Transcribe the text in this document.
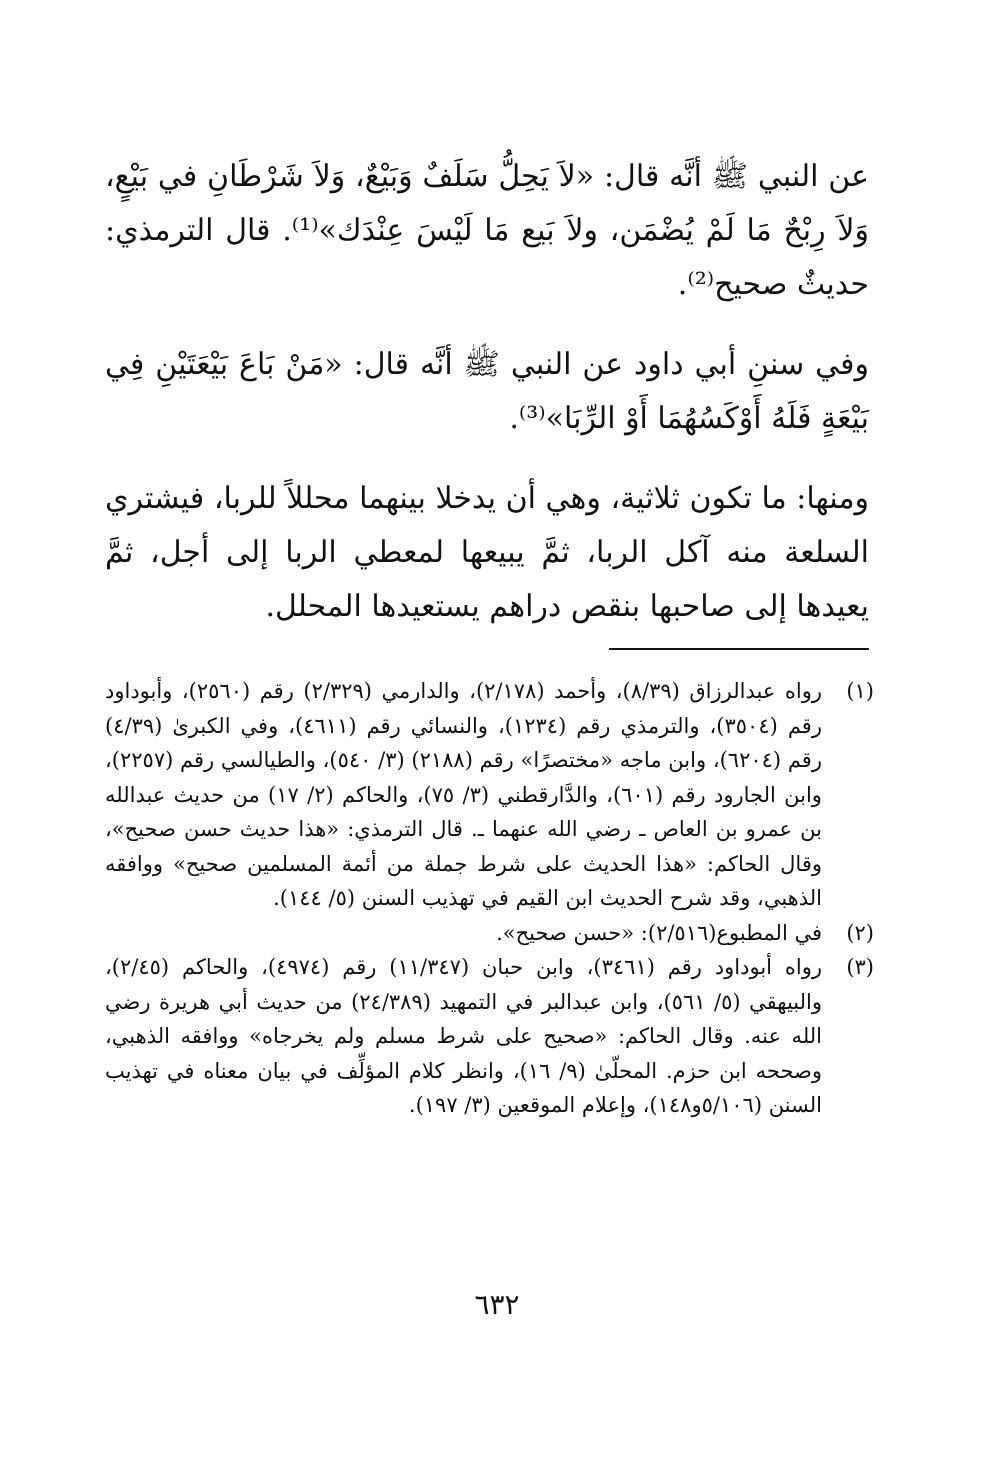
عن النبي ﷺ أنَّه قال: «لاَ يَحِلُّ سَلَفٌ وَبَيْعٌ، وَلاَ شَرْطَانِ في بَيْعٍ، وَلاَ رِبْحٌ مَا لَمْ يُضْمَن، ولاَ بَيع مَا لَيْسَ عِنْدَك»⁽¹⁾. قال الترمذي: حديثٌ صحيح⁽²⁾.

وفي سننِ أبي داود عن النبي ﷺ أنَّه قال: «مَنْ بَاعَ بَيْعَتَيْنِ فِي بَيْعَةٍ فَلَهُ أَوْكَسُهُمَا أَوْ الرِّبَا»⁽³⁾.

ومنها: ما تكون ثلاثية، وهي أن يدخلا بينهما محللاً للربا، فيشتري السلعة منه آكل الربا، ثمَّ يبيعها لمعطي الربا إلى أجل، ثمَّ يعيدها إلى صاحبها بنقص دراهم يستعيدها المحلل.

(١)
رواه عبدالرزاق (٨/٣٩)، وأحمد (٢/١٧٨)، والدارمي (٢/٣٢٩) رقم (٢٥٦٠)، وأبوداود رقم (٣٥٠٤)، والترمذي رقم (١٢٣٤)، والنسائي رقم (٤٦١١)، وفي الكبرىٰ (٤/٣٩) رقم (٦٢٠٤)، وابن ماجه «مختصرًا» رقم (٢١٨٨) (٣/ ٥٤٠)، والطيالسي رقم (٢٢٥٧)، وابن الجارود رقم (٦٠١)، والدَّارقطني (٣/ ٧٥)، والحاكم (٢/ ١٧) من حديث عبدالله بن عمرو بن العاص ـ رضي الله عنهما ـ. قال الترمذي: «هذا حديث حسن صحيح»، وقال الحاكم: «هذا الحديث على شرط جملة من أئمة المسلمين صحيح» ووافقه الذهبي، وقد شرح الحديث ابن القيم في تهذيب السنن (٥/ ١٤٤).
(٢)
في المطبوع(٢/٥١٦): «حسن صحيح».
(٣)
رواه أبوداود رقم (٣٤٦١)، وابن حبان (١١/٣٤٧) رقم (٤٩٧٤)، والحاكم (٢/٤٥)، والبيهقي (٥/ ٥٦١)، وابن عبدالبر في التمهيد (٢٤/٣٨٩) من حديث أبي هريرة رضي الله عنه. وقال الحاكم: «صحيح على شرط مسلم ولم يخرجاه» ووافقه الذهبي، وصححه ابن حزم. المحلّىٰ (٩/ ١٦)، وانظر كلام المؤلِّف في بيان معناه في تهذيب السنن (٥/١٠٦و١٤٨)، وإعلام الموقعين (٣/ ١٩٧).
٦٣٢
